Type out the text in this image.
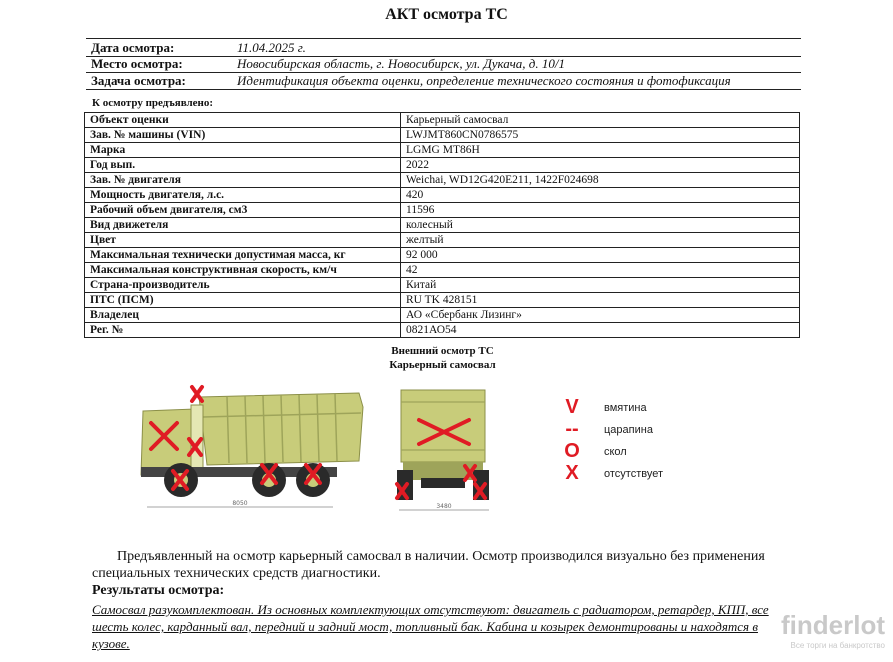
АКТ осмотра ТС
Дата осмотра:	11.04.2025 г.
Место осмотра:	Новосибирская область, г. Новосибирск, ул. Дукача, д. 10/1
Задача осмотра:	Идентификация объекта оценки, определение технического состояния и фотофиксация
К осмотру предъявлено:
Объект оценки	Карьерный самосвал
Зав. № машины (VIN)	LWJMT860CN0786575
Марка	LGMG MT86H
Год вып.	2022
Зав. № двигателя	Weichai, WD12G420E211, 1422F024698
Мощность двигателя, л.с.	420
Рабочий объем двигателя, см3	11596
Вид движетеля	колесный
Цвет	желтый
Максимальная технически допустимая масса, кг	92 000
Максимальная конструктивная скорость, км/ч	42
Страна-производитель	Китай
ПТС (ПСМ)	RU TK 428151
Владелец	АО «Сбербанк Лизинг»
Рег. №	0821АО54
Внешний осмотр ТС
Карьерный самосвал
8050	3480
V	вмятина
--	царапина
O	скол
X	отсутствует
Предъявленный на осмотр карьерный самосвал в наличии. Осмотр производился визуально без применения специальных технических средств диагностики.
Результаты осмотра:
Самосвал разукомплектован. Из основных комплектующих отсутствуют: двигатель с радиатором, ретардер, КПП, все шесть колес, карданный вал, передний и задний мост, топливный бак. Кабина и козырек демонтированы и находятся в кузове.
finderlot
Все торги на банкротство
